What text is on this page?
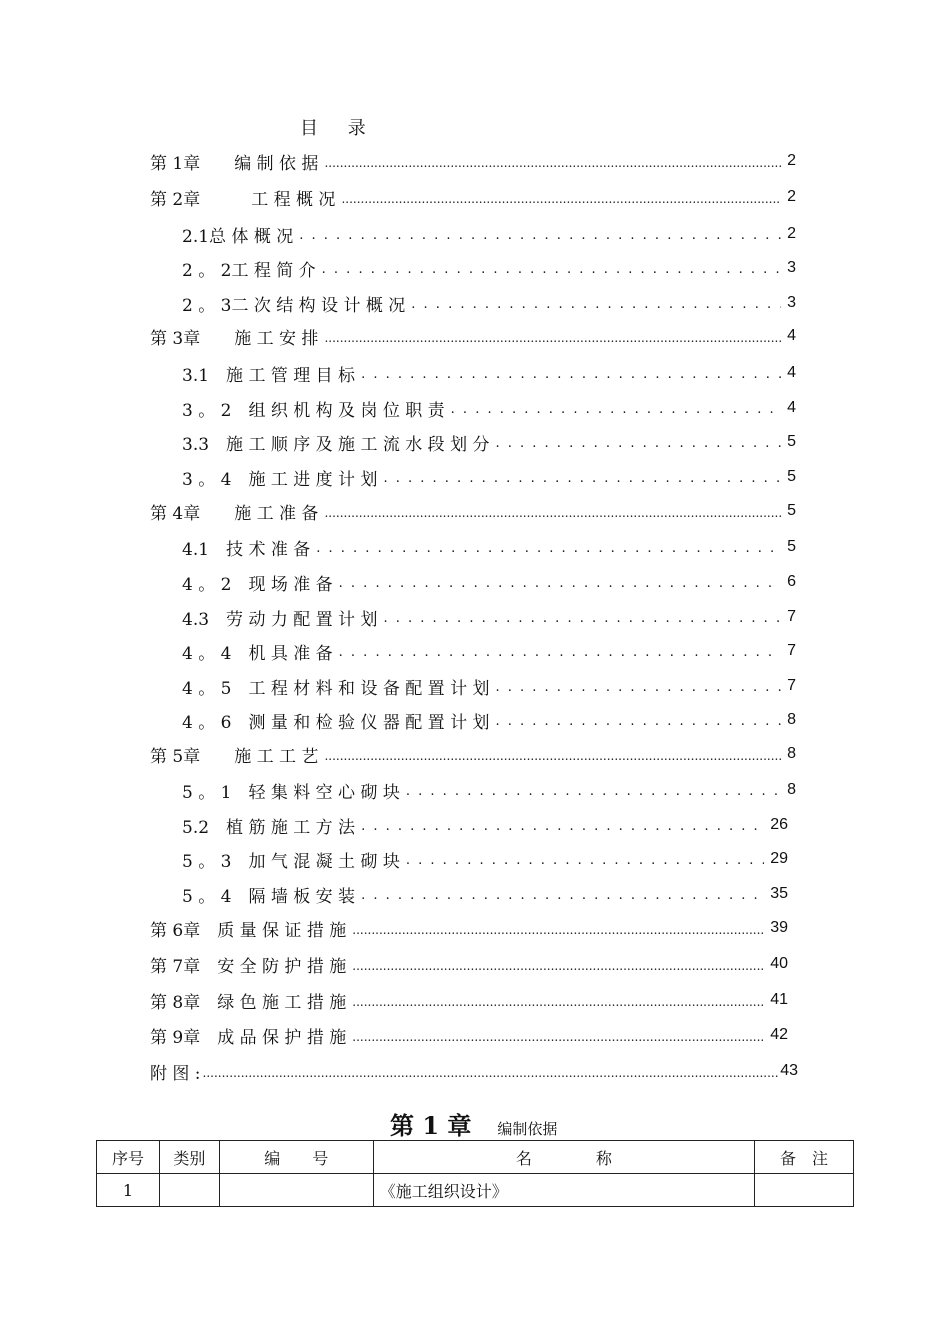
目 录
第 1章　　编 制 依 据 .....	2
第 2章　　　工 程 概 况 .....	2
2.1总 体 概 况 . . .	2
2 。 2工 程 简 介 . . .	3
2 。 3二 次 结 构 设 计 概 况 . . .	3
第 3章　　施 工 安 排 .....	4
3.1　施 工 管 理 目 标 . . .	4
3 。 2　组 织 机 构 及 岗 位 职 责 . . .	4
3.3　施 工 顺 序 及 施 工 流 水 段 划 分 . . .	5
3 。 4　施 工 进 度 计 划 . . .	5
第 4章　　施 工 准 备 .....	5
4.1　技 术 准 备 . . .	5
4 。 2　现 场 准 备 . . .	6
4.3　劳 动 力 配 置 计 划 . . .	7
4 。 4　机 具 准 备 . . .	7
4 。 5　工 程 材 料 和 设 备 配 置 计 划 . . .	7
4 。 6　测 量 和 检 验 仪 器 配 置 计 划 . . .	8
第 5章　　施 工 工 艺 .....	8
5 。 1　轻 集 料 空 心 砌 块 . . .	8
5.2　植 筋 施 工 方 法 . . .	26
5 。 3　加 气 混 凝 土 砌 块 . . .	29
5 。 4　隔 墙 板 安 装 . . .	35
第 6章　质 量 保 证 措 施 .....	39
第 7章　安 全 防 护 措 施 .....	40
第 8章　绿 色 施 工 措 施 .....	41
第 9章　成 品 保 护 措 施 .....	42
附 图 : .....	43
第 1 章 编制依据
序号	类别	编　　号	名　　　　称	备　注
1			《施工组织设计》	
